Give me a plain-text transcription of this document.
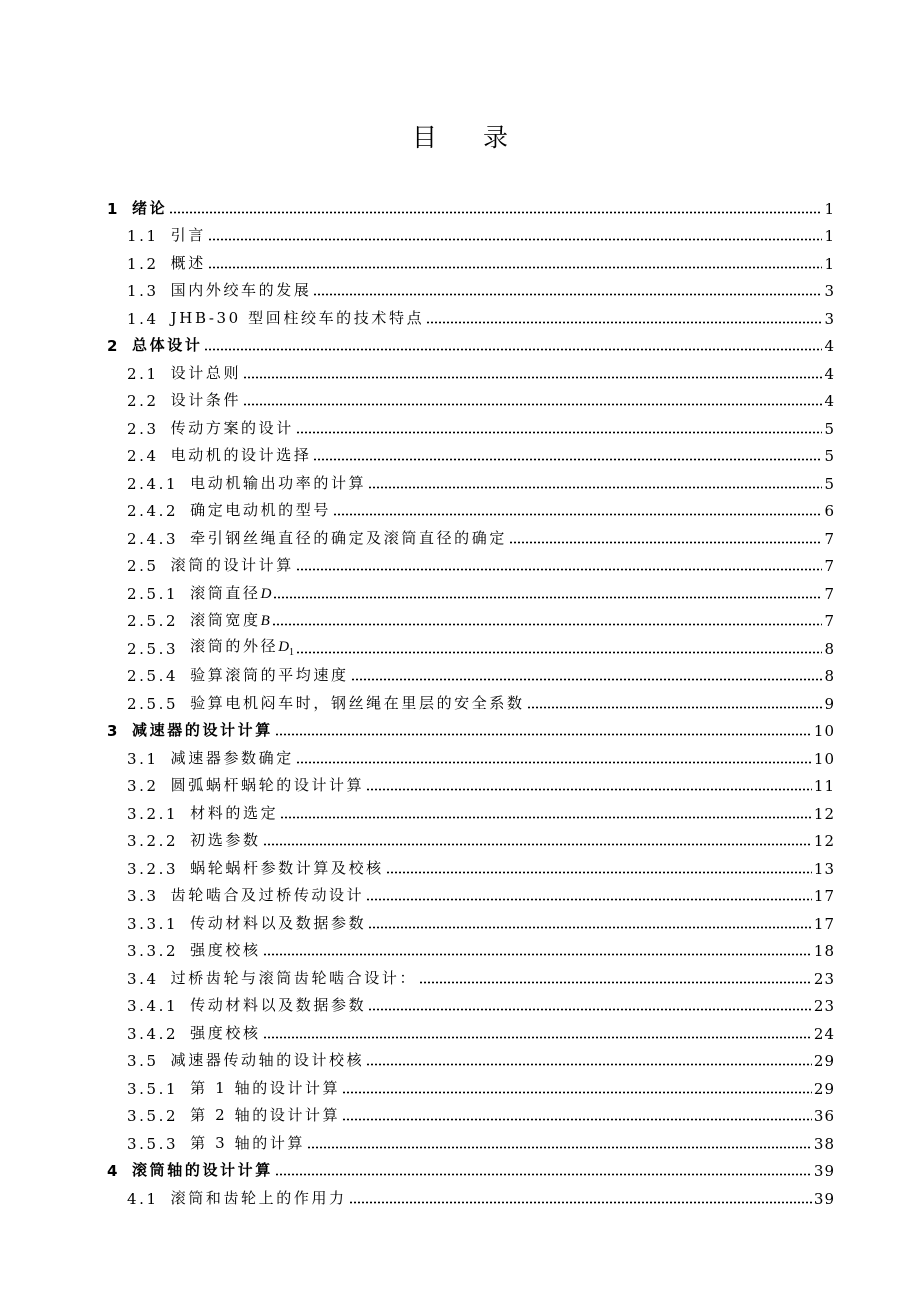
目 录
1 绪论	1
1.1 引言	1
1.2 概述	1
1.3 国内外绞车的发展	3
1.4 JHB-30 型回柱绞车的技术特点	3
2 总体设计	4
2.1 设计总则	4
2.2 设计条件	4
2.3 传动方案的设计	5
2.4 电动机的设计选择	5
2.4.1 电动机输出功率的计算	5
2.4.2 确定电动机的型号	6
2.4.3 牵引钢丝绳直径的确定及滚筒直径的确定	7
2.5 滚筒的设计计算	7
2.5.1 滚筒直径D	7
2.5.2 滚筒宽度B	7
2.5.3 滚筒的外径$D_1$	8
2.5.4 验算滚筒的平均速度	8
2.5.5 验算电机闷车时，钢丝绳在里层的安全系数	9
3 减速器的设计计算	10
3.1 减速器参数确定	10
3.2 圆弧蜗杆蜗轮的设计计算	11
3.2.1 材料的选定	12
3.2.2 初选参数	12
3.2.3 蜗轮蜗杆参数计算及校核	13
3.3 齿轮啮合及过桥传动设计	17
3.3.1 传动材料以及数据参数	17
3.3.2 强度校核	18
3.4 过桥齿轮与滚筒齿轮啮合设计：	23
3.4.1 传动材料以及数据参数	23
3.4.2 强度校核	24
3.5 减速器传动轴的设计校核	29
3.5.1 第 1 轴的设计计算	29
3.5.2 第 2 轴的设计计算	36
3.5.3 第 3 轴的计算	38
4 滚筒轴的设计计算	39
4.1 滚筒和齿轮上的作用力	39
